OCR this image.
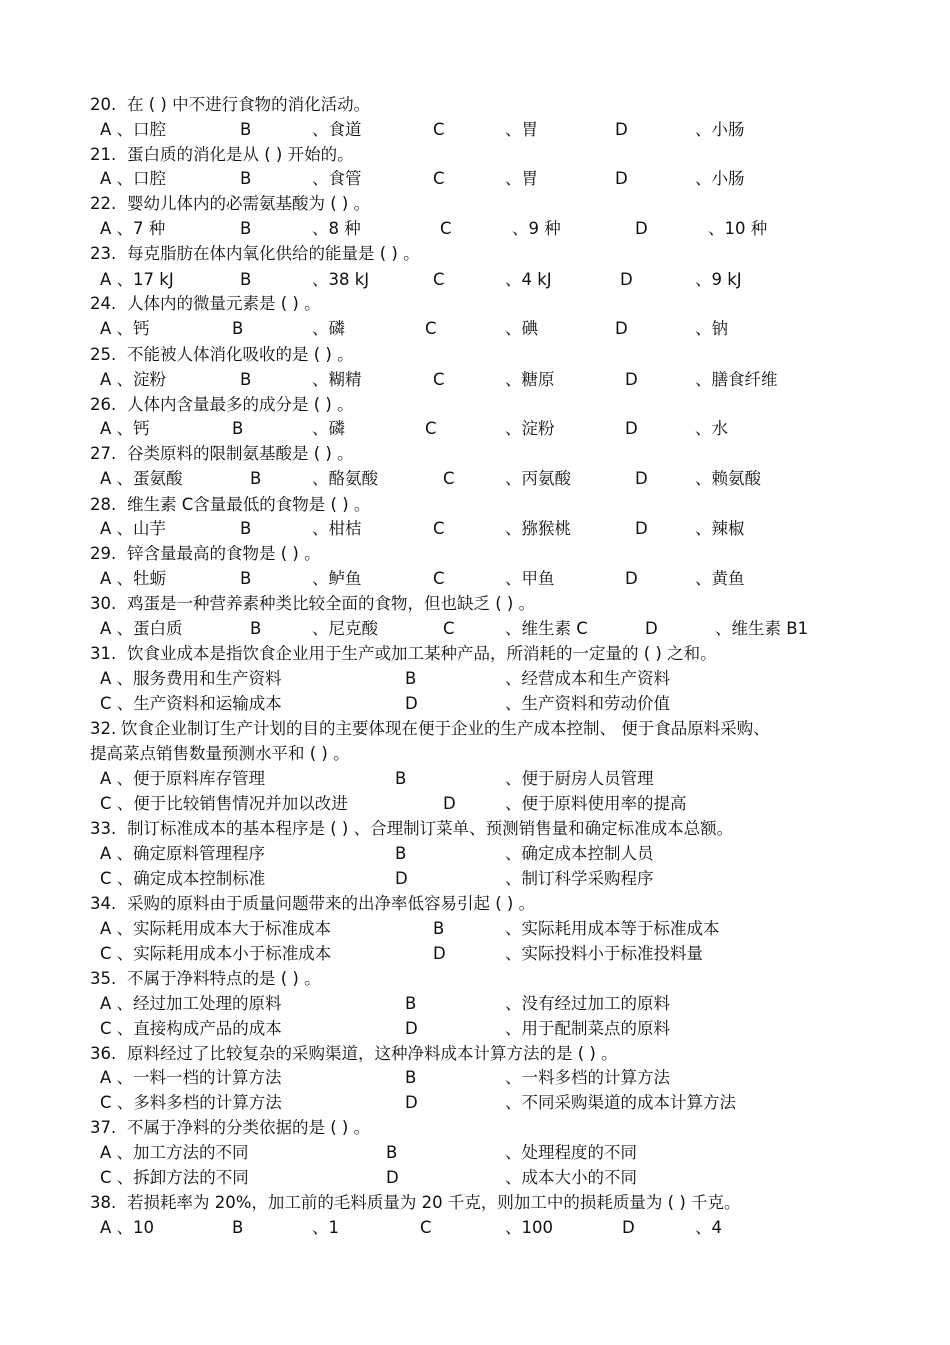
20. 在 ( ) 中不进行食物的消化活动。
A 、口腔	B	、食道	C	、胃	D	、小肠
21. 蛋白质的消化是从 ( ) 开始的。
A 、口腔	B	、食管	C	、胃	D	、小肠
22. 婴幼儿体内的必需氨基酸为 ( ) 。
A 、7 种	B	、8 种	C	、9 种	D	、10 种
23. 每克脂肪在体内氧化供给的能量是 ( ) 。
A 、17 kJ	B	、38 kJ	C	、4 kJ	D	、9 kJ
24. 人体内的微量元素是 ( ) 。
A 、钙	B	、磷	C	、碘	D	、钠
25. 不能被人体消化吸收的是 ( ) 。
A 、淀粉	B	、糊精	C	、糖原	D	、膳食纤维
26. 人体内含量最多的成分是 ( ) 。
A 、钙	B	、磷	C	、淀粉	D	、水
27. 谷类原料的限制氨基酸是 ( ) 。
A 、蛋氨酸	B	、酪氨酸	C	、丙氨酸	D	、赖氨酸
28. 维生素 C含量最低的食物是 ( ) 。
A 、山芋	B	、柑桔	C	、猕猴桃	D	、辣椒
29. 锌含量最高的食物是 ( ) 。
A 、牡蛎	B	、鲈鱼	C	、甲鱼	D	、黄鱼
30. 鸡蛋是一种营养素种类比较全面的食物，但也缺乏 ( ) 。
A 、蛋白质	B	、尼克酸	C	、维生素 C	D	、维生素 B1
31. 饮食业成本是指饮食企业用于生产或加工某种产品，所消耗的一定量的 ( ) 之和。
A 、服务费用和生产资料	B	、经营成本和生产资料
C 、生产资料和运输成本	D	、生产资料和劳动价值
32. 饮食企业制订生产计划的目的主要体现在便于企业的生产成本控制、 便于食品原料采购、
提高菜点销售数量预测水平和 ( ) 。
A 、便于原料库存管理	B	、便于厨房人员管理
C 、便于比较销售情况并加以改进	D	、便于原料使用率的提高
33. 制订标准成本的基本程序是 ( ) 、合理制订菜单、预测销售量和确定标准成本总额。
A 、确定原料管理程序	B	、确定成本控制人员
C 、确定成本控制标准	D	、制订科学采购程序
34. 采购的原料由于质量问题带来的出净率低容易引起 ( ) 。
A 、实际耗用成本大于标准成本	B	、实际耗用成本等于标准成本
C 、实际耗用成本小于标准成本	D	、实际投料小于标准投料量
35. 不属于净料特点的是 ( ) 。
A 、经过加工处理的原料	B	、没有经过加工的原料
C 、直接构成产品的成本	D	、用于配制菜点的原料
36. 原料经过了比较复杂的采购渠道，这种净料成本计算方法的是 ( ) 。
A 、一料一档的计算方法	B	、一料多档的计算方法
C 、多料多档的计算方法	D	、不同采购渠道的成本计算方法
37. 不属于净料的分类依据的是 ( ) 。
A 、加工方法的不同	B	、处理程度的不同
C 、拆卸方法的不同	D	、成本大小的不同
38. 若损耗率为 20%，加工前的毛料质量为 20 千克，则加工中的损耗质量为 ( ) 千克。
A 、10	B	、1	C	、100	D	、4
